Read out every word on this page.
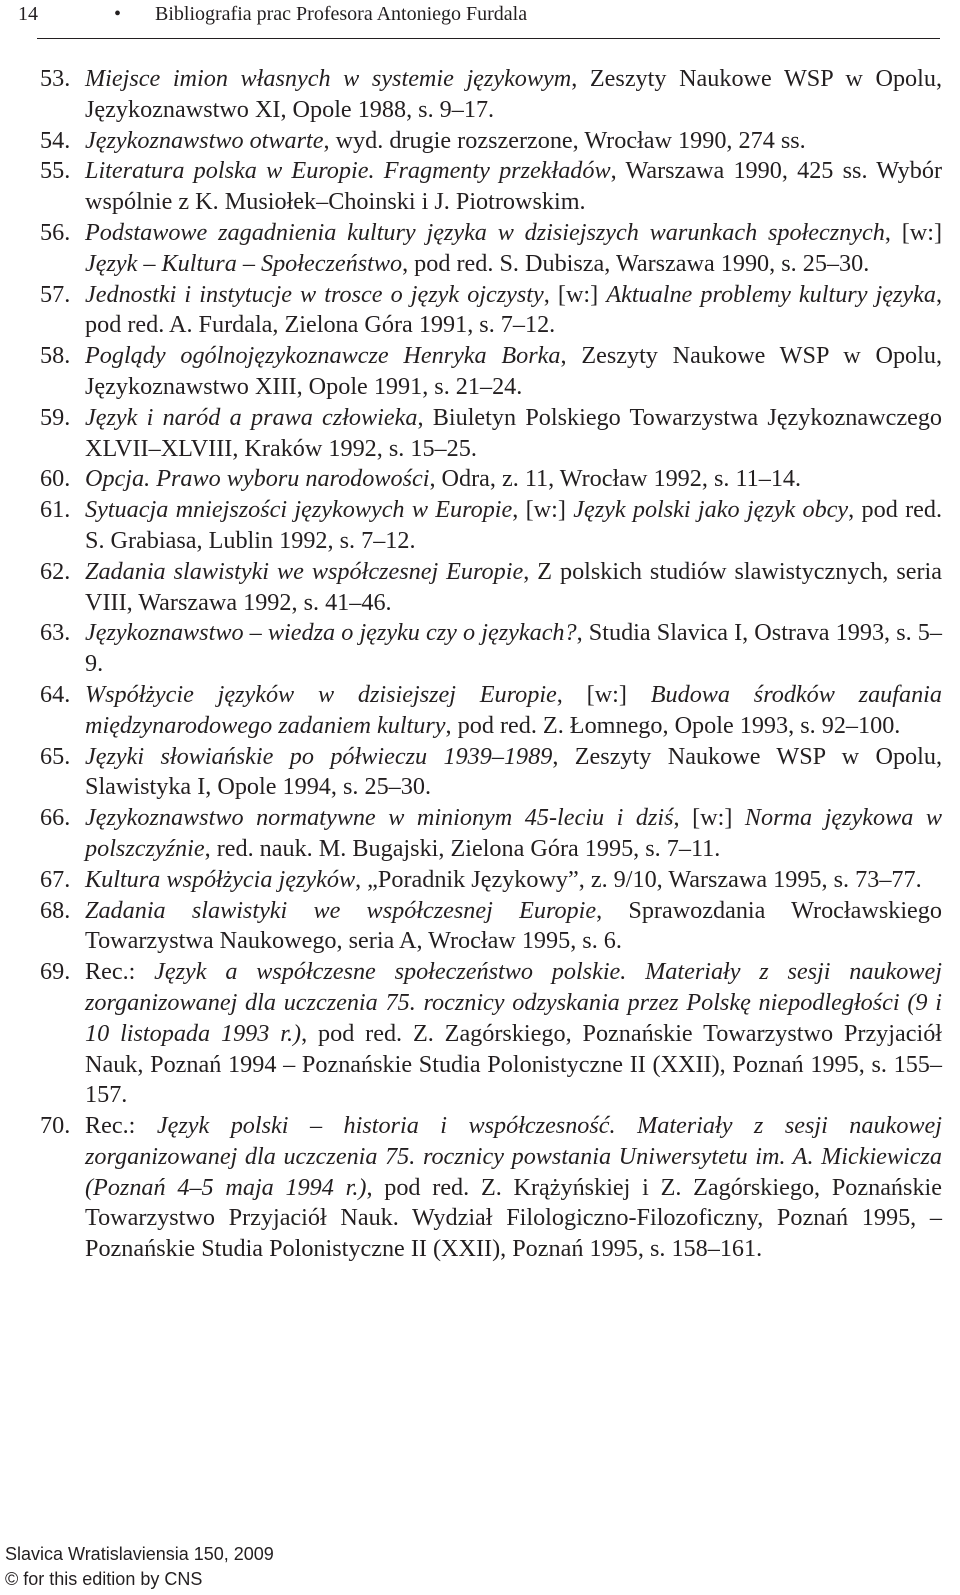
14	• Bibliografia prac Profesora Antoniego Furdala
53. Miejsce imion własnych w systemie językowym, Zeszyty Naukowe WSP w Opolu, Językoznawstwo XI, Opole 1988, s. 9–17.
54. Językoznawstwo otwarte, wyd. drugie rozszerzone, Wrocław 1990, 274 ss.
55. Literatura polska w Europie. Fragmenty przekładów, Warszawa 1990, 425 ss. Wybór wspólnie z K. Musiołek–Choinski i J. Piotrowskim.
56. Podstawowe zagadnienia kultury języka w dzisiejszych warunkach społecznych, [w:] Język – Kultura – Społeczeństwo, pod red. S. Dubisza, Warszawa 1990, s. 25–30.
57. Jednostki i instytucje w trosce o język ojczysty, [w:] Aktualne problemy kultury języka, pod red. A. Furdala, Zielona Góra 1991, s. 7–12.
58. Poglądy ogólnojęzykoznawcze Henryka Borka, Zeszyty Naukowe WSP w Opolu, Językoznawstwo XIII, Opole 1991, s. 21–24.
59. Język i naród a prawa człowieka, Biuletyn Polskiego Towarzystwa Językoznawczego XLVII–XLVIII, Kraków 1992, s. 15–25.
60. Opcja. Prawo wyboru narodowości, Odra, z. 11, Wrocław 1992, s. 11–14.
61. Sytuacja mniejszości językowych w Europie, [w:] Język polski jako język obcy, pod red. S. Grabiasa, Lublin 1992, s. 7–12.
62. Zadania slawistyki we współczesnej Europie, Z polskich studiów slawistycznych, seria VIII, Warszawa 1992, s. 41–46.
63. Językoznawstwo – wiedza o języku czy o językach?, Studia Slavica I, Ostrava 1993, s. 5–9.
64. Współżycie języków w dzisiejszej Europie, [w:] Budowa środków zaufania międzynarodowego zadaniem kultury, pod red. Z. Łomnego, Opole 1993, s. 92–100.
65. Języki słowiańskie po półwieczu 1939–1989, Zeszyty Naukowe WSP w Opolu, Slawistyka I, Opole 1994, s. 25–30.
66. Językoznawstwo normatywne w minionym 45-leciu i dziś, [w:] Norma językowa w polszczyźnie, red. nauk. M. Bugajski, Zielona Góra 1995, s. 7–11.
67. Kultura współżycia języków, „Poradnik Językowy”, z. 9/10, Warszawa 1995, s. 73–77.
68. Zadania slawistyki we współczesnej Europie, Sprawozdania Wrocławskiego Towarzystwa Naukowego, seria A, Wrocław 1995, s. 6.
69. Rec.: Język a współczesne społeczeństwo polskie. Materiały z sesji naukowej zorganizowanej dla uczczenia 75. rocznicy odzyskania przez Polskę niepodległości (9 i 10 listopada 1993 r.), pod red. Z. Zagórskiego, Poznańskie Towarzystwo Przyjaciół Nauk, Poznań 1994 – Poznańskie Studia Polonistyczne II (XXII), Poznań 1995, s. 155–157.
70. Rec.: Język polski – historia i współczesność. Materiały z sesji naukowej zorganizowanej dla uczczenia 75. rocznicy powstania Uniwersytetu im. A. Mickiewicza (Poznań 4–5 maja 1994 r.), pod red. Z. Krążyńskiej i Z. Zagórskiego, Poznańskie Towarzystwo Przyjaciół Nauk. Wydział Filologiczno-Filozoficzny, Poznań 1995, – Poznańskie Studia Polonistyczne II (XXII), Poznań 1995, s. 158–161.
Slavica Wratislaviensia 150, 2009
© for this edition by CNS
